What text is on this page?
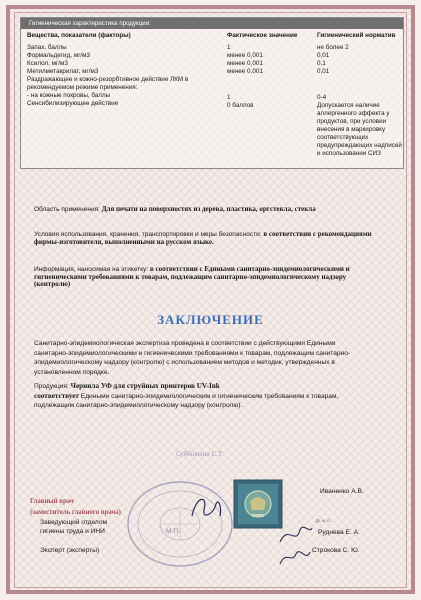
Гигиеническая характеристика продукции:
Вещества, показатели (факторы)	Фактическое значение	Гигиенический норматив
Запах, баллы	1	не более 2
Формальдегид, мг/м3	менее 0,001	0,01
Ксилол, мг/м3	менее 0,001	0,1
Метилметакрилат, мг/м3	менее 0,001	0,01
Раздражающее и кожно-резорбтивное действие ЛКМ в
рекомендуемом режиме применения:
- на кожные покровы, баллы	1	0-4
Сенсибилизирующее действие	0 баллов	Допускается наличие
аллергенного эффекта у
продуктов, при условии
внесения в маркировку
соответствующих
предупреждающих надписей
и использовании СИЗ
Область применения: Для печати на поверхностях из дерева, пластика, оргстекла, стекла
Условия использования, хранения, транспортировки и меры безопасности: в соответствии с рекомендациями
фирмы-изготовителя, выполненными на русском языке.
Информация, наносимая на этикетку: в соответствии с Едиными санитарно-эпидемиологическими и
гигиеническими требованиями к товарам, подлежащим санитарно-эпидемиологическому надзору
(контролю)
ЗАКЛЮЧЕНИЕ
Санитарно-эпидемиологическая экспертиза проведена в соответствии с действующими Едиными
санитарно-эпидемиологическими и гигиеническими требованиями к товарам, подлежащим санитарно-
эпидемиологическому надзору (контролю) с использованием методов и методик, утвержденных в
установленном порядке.
Продукция: Чернила УФ для струйных принтеров UV-Ink
соответствует Едиными санитарно-эпидемиологическим и гигиеническим требованиям к товарам,
подлежащим санитарно-эпидемиологическому надзору (контролю).
Субботина С.Т.
Главный врач
(заместитель главного врача)
М.П.
Иваненко А.В.
Заведующий отделом
гигиены труда и ИНИ
ф. и. о.
Руднева Е. А.
Эксперт (эксперты)	Строкова С. Ю.
